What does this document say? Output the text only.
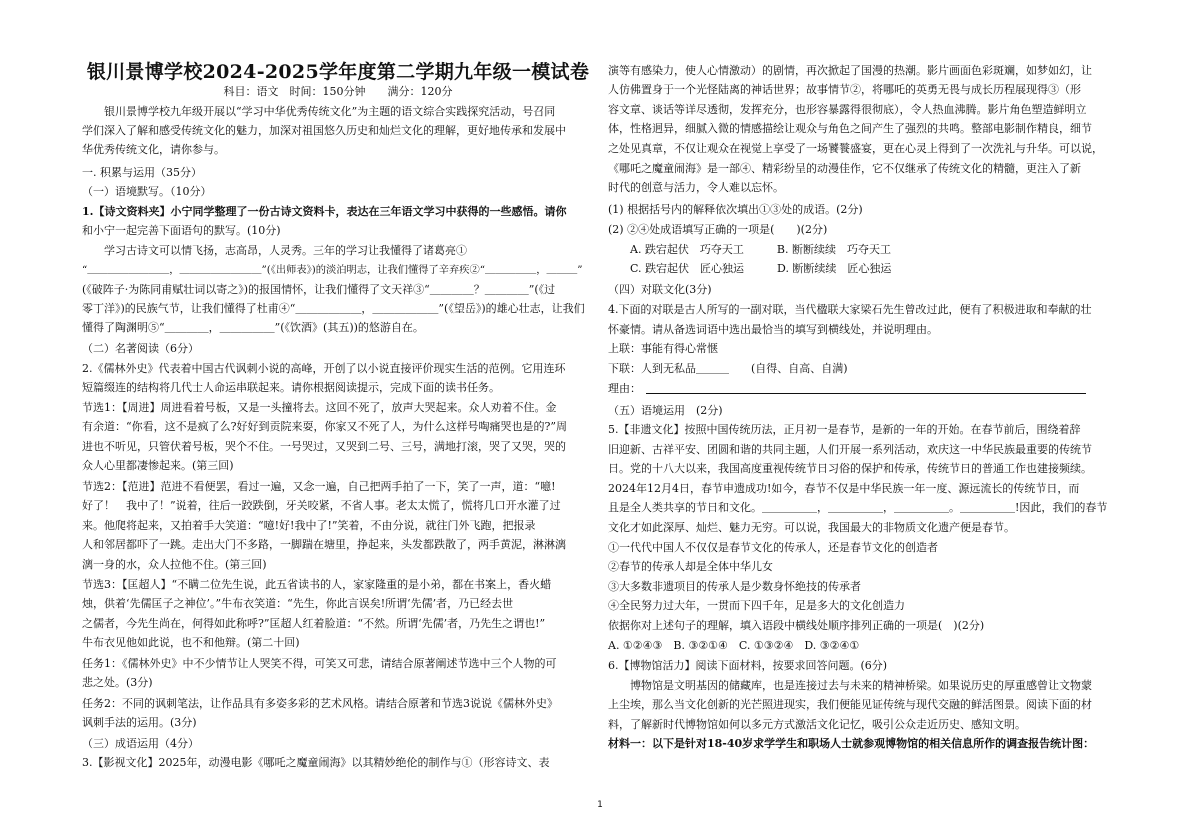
银川景博学校2024-2025学年度第二学期九年级一模试卷
科目：语文　时间：150分钟　　满分：120分
银川景博学校九年级开展以“学习中华优秀传统文化”为主题的语文综合实践探究活动，号召同
学们深入了解和感受传统文化的魅力，加深对祖国悠久历史和灿烂文化的理解，更好地传承和发展中
华优秀传统文化，请你参与。
一. 积累与运用（35分）
（一）语境默写。（10分）
1.【诗文资料夹】小宁同学整理了一份古诗文资料卡，表达在三年语文学习中获得的一些感悟。请你
和小宁一起完善下面语句的默写。(10分)
学习古诗文可以情飞扬，志高昂，人灵秀。三年的学习让我懂得了诸葛亮①
“＿＿＿＿＿＿＿＿，＿＿＿＿＿＿＿＿”(《出师表》)的淡泊明志，让我们懂得了辛弃疾②“＿＿＿＿＿，＿＿＿”
(《破阵子·为陈同甫赋壮词以寄之》)的报国情怀，让我们懂得了文天祥③“＿＿＿＿？＿＿＿＿”(《过
零丁洋》)的民族气节，让我们懂得了杜甫④“＿＿＿＿＿＿，＿＿＿＿＿＿”(《望岳》)的雄心壮志，让我们
懂得了陶渊明⑤“＿＿＿＿，＿＿＿＿＿”(《饮酒》(其五))的悠游自在。
（二）名著阅读（6分）
2.《儒林外史》代表着中国古代讽刺小说的高峰，开创了以小说直接评价现实生活的范例。它用连环
短篇缀连的结构将几代士人命运串联起来。请你根据阅读提示，完成下面的读书任务。
节选1：【周进】周进看着号板，又是一头撞将去。这回不死了，放声大哭起来。众人劝着不住。金
有余道：“你看，这不是疯了么?好好到贡院来耍，你家又不死了人，为什么这样号啕痛哭也是的?”周
进也不听见，只管伏着号板，哭个不住。一号哭过，又哭到二号、三号，满地打滚，哭了又哭，哭的
众人心里都凄惨起来。(第三回)
节选2：【范进】范进不看便罢，看过一遍，又念一遍，自己把两手拍了一下，笑了一声，道：“噫!
好了！　我中了！”说着，往后一跤跌倒，牙关咬紧，不省人事。老太太慌了，慌将几口开水灌了过
来。他爬将起来，又拍着手大笑道：“噫!好!我中了!”笑着，不由分说，就往门外飞跑，把报录
人和邻居都吓了一跳。走出大门不多路，一脚踹在塘里，挣起来，头发都跌散了，两手黄泥，淋淋漓
漓一身的水，众人拉他不住。(第三回)
节选3：【匡超人】“不瞒二位先生说，此五省读书的人，家家隆重的是小弟，都在书案上，香火蜡
烛，供着‘先儒匡子之神位’。”牛布衣笑道：“先生，你此言误矣!所谓‘先儒’者，乃已经去世
之儒者，今先生尚在，何得如此称呼?”匡超人红着脸道：“不然。所谓‘先儒’者，乃先生之谓也!”
牛布衣见他如此说，也不和他辩。(第二十回)
任务1：《儒林外史》中不少情节让人哭笑不得，可笑又可悲，请结合原著阐述节选中三个人物的可
悲之处。(3分)
任务2：不同的讽刺笔法，让作品具有多姿多彩的艺术风格。请结合原著和节选3说说《儒林外史》
讽刺手法的运用。(3分)
（三）成语运用（4分）
3.【影视文化】2025年，动漫电影《哪吒之魔童闹海》以其精妙绝伦的制作与①（形容诗文、表
演等有感染力，使人心情激动）的剧情，再次掀起了国漫的热潮。影片画面色彩斑斓，如梦如幻，让
人仿佛置身于一个光怪陆离的神话世界；故事情节②，将哪吒的英勇无畏与成长历程展现得③（形
容文章、谈话等详尽透彻，发挥充分，也形容暴露得很彻底），令人热血沸腾。影片角色塑造鲜明立
体，性格迥异，细腻入微的情感描绘让观众与角色之间产生了强烈的共鸣。整部电影制作精良，细节
之处见真章，不仅让观众在视觉上享受了一场饕餮盛宴，更在心灵上得到了一次洗礼与升华。可以说，
《哪吒之魔童闹海》是一部④、精彩纷呈的动漫佳作，它不仅继承了传统文化的精髓，更注入了新
时代的创意与活力，令人难以忘怀。
(1) 根据括号内的解释依次填出①③处的成语。(2分)
(2) ②④处成语填写正确的一项是(　　)(2分)
A. 跌宕起伏　巧夺天工　　　B. 断断续续　巧夺天工
C. 跌宕起伏　匠心独运　　　D. 断断续续　匠心独运
（四）对联文化(3分)
4.下面的对联是古人所写的一副对联，当代楹联大家梁石先生曾改过此，便有了积极进取和奉献的壮
怀豪情。请从备选词语中选出最恰当的填写到横线处，并说明理由。
上联：事能有得心常惬
下联：人到无私品＿＿＿　　(自得、自高、自满)
理由：
（五）语境运用　(2分)
5.【非遗文化】按照中国传统历法，正月初一是春节，是新的一年的开始。在春节前后，围绕着辞
旧迎新、古祥平安、团圆和谐的共同主题，人们开展一系列活动，欢庆这一中华民族最重要的传统节
日。党的十八大以来，我国高度重视传统节日习俗的保护和传承，传统节日的普通工作也建接频续。
2024年12月4日，春节申遗成功!如今，春节不仅是中华民族一年一度、源远流长的传统节日，而
且是全人类共享的节日和文化。＿＿＿＿＿，＿＿＿＿＿，＿＿＿＿＿。＿＿＿＿＿!因此，我们的春节
文化才如此深厚、灿烂、魅力无穷。可以说，我国最大的非物质文化遗产便是春节。
①一代代中国人不仅仅是春节文化的传承人，还是春节文化的创造者
②春节的传承人却是全体中华儿女
③大多数非遗项目的传承人是少数身怀绝技的传承者
④全民努力过大年，一贯而下四千年，足是多大的文化创造力
依据你对上述句子的理解，填入语段中横线处顺序排列正确的一项是(　)(2分)
A. ①②④③　B. ③②①④　C. ①③②④　D. ③②④①
6.【博物馆活力】阅读下面材料，按要求回答问题。(6分)
博物馆是文明基因的储藏库，也是连接过去与未来的精神桥梁。如果说历史的厚重感曾让文物蒙
上尘埃，那么当文化创新的光芒照进现实，我们便能见证传统与现代交融的鲜活图景。阅读下面的材
料，了解新时代博物馆如何以多元方式激活文化记忆，吸引公众走近历史、感知文明。
材料一：以下是针对18-40岁求学学生和职场人士就参观博物馆的相关信息所作的调查报告统计图：
1
